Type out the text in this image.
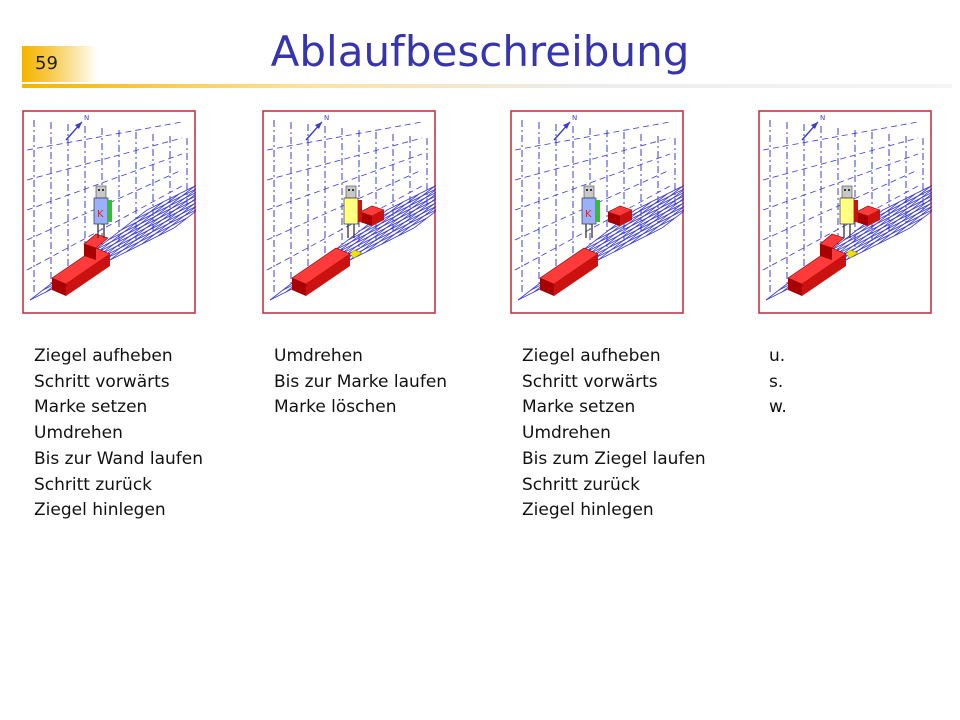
59	Ablaufbeschreibung
N
K
N	N
K
N
Ziegel aufheben
Schritt vorwärts
Marke setzen
Umdrehen
Bis zur Wand laufen
Schritt zurück
Ziegel hinlegen
Umdrehen
Bis zur Marke laufen
Marke löschen
Ziegel aufheben
Schritt vorwärts
Marke setzen
Umdrehen
Bis zum Ziegel laufen
Schritt zurück
Ziegel hinlegen
u.
s.
w.
